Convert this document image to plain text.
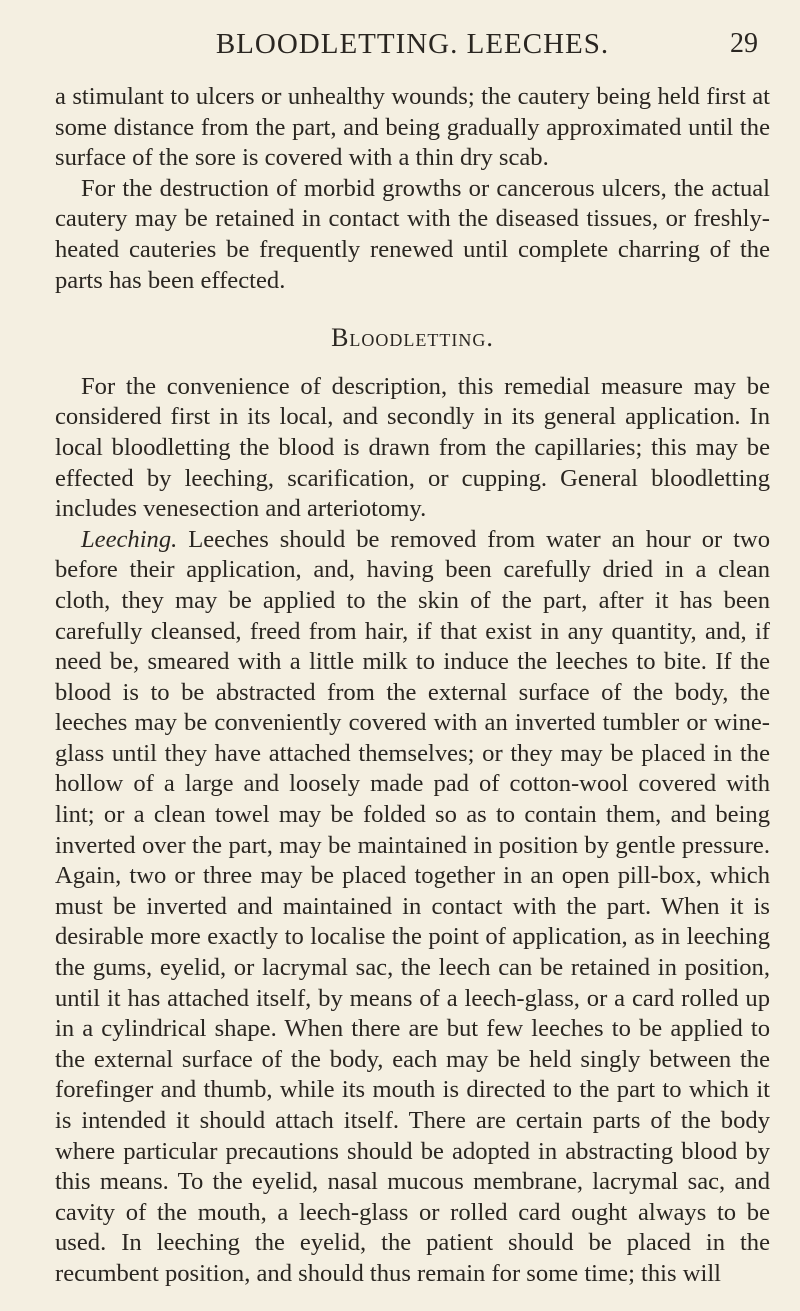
BLOODLETTING. LEECHES.	29

a stimulant to ulcers or unhealthy wounds; the cautery being held first at some distance from the part, and being gradually approximated until the surface of the sore is covered with a thin dry scab.

For the destruction of morbid growths or cancerous ulcers, the actual cautery may be retained in contact with the diseased tissues, or freshly-heated cauteries be frequently renewed until complete charring of the parts has been effected.

Bloodletting.

For the convenience of description, this remedial measure may be considered first in its local, and secondly in its general application. In local bloodletting the blood is drawn from the capillaries; this may be effected by leeching, scarification, or cupping. General bloodletting includes venesection and arteriotomy.

Leeching. Leeches should be removed from water an hour or two before their application, and, having been carefully dried in a clean cloth, they may be applied to the skin of the part, after it has been carefully cleansed, freed from hair, if that exist in any quantity, and, if need be, smeared with a little milk to induce the leeches to bite. If the blood is to be abstracted from the external surface of the body, the leeches may be conveniently covered with an inverted tumbler or wine-glass until they have attached themselves; or they may be placed in the hollow of a large and loosely made pad of cotton-wool covered with lint; or a clean towel may be folded so as to contain them, and being inverted over the part, may be maintained in position by gentle pressure. Again, two or three may be placed together in an open pill-box, which must be inverted and maintained in contact with the part. When it is desirable more exactly to localise the point of application, as in leeching the gums, eyelid, or lacrymal sac, the leech can be retained in position, until it has attached itself, by means of a leech-glass, or a card rolled up in a cylindrical shape. When there are but few leeches to be applied to the external surface of the body, each may be held singly between the forefinger and thumb, while its mouth is directed to the part to which it is intended it should attach itself. There are certain parts of the body where particular precautions should be adopted in abstracting blood by this means. To the eyelid, nasal mucous membrane, lacrymal sac, and cavity of the mouth, a leech-glass or rolled card ought always to be used. In leeching the eyelid, the patient should be placed in the recumbent position, and should thus remain for some time; this will
